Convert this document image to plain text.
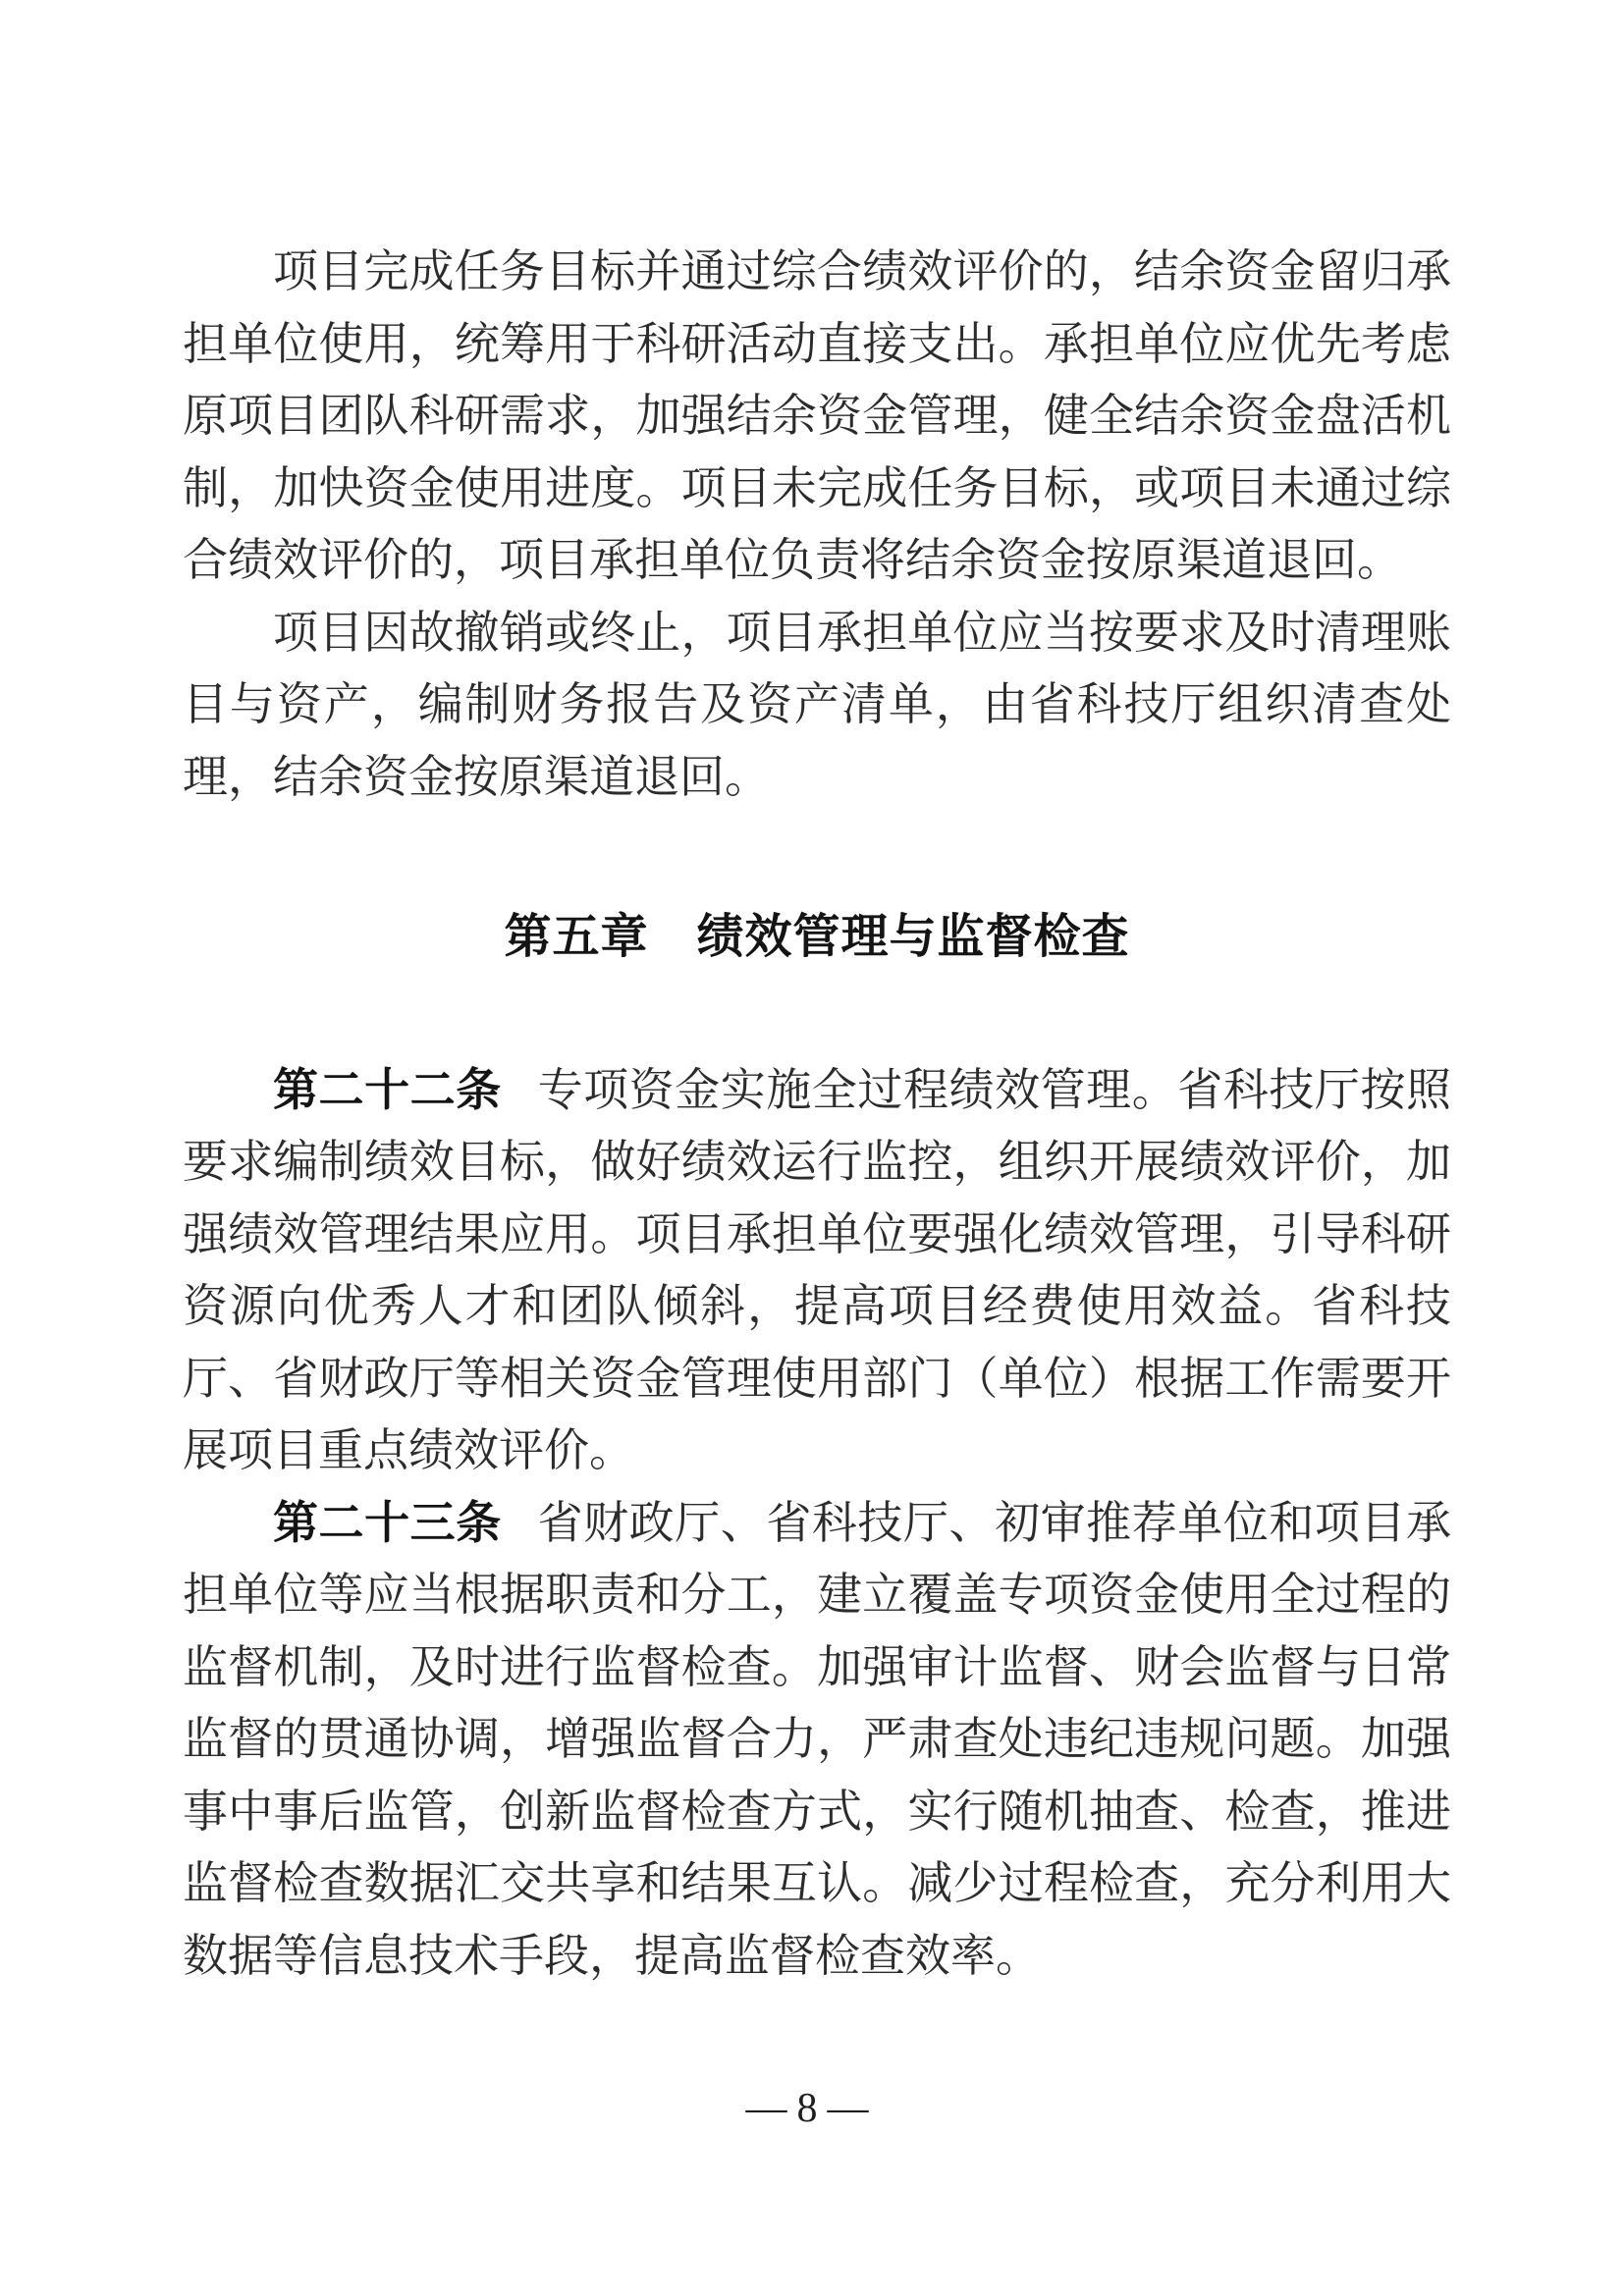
项目完成任务目标并通过综合绩效评价的，结余资金留归承担单位使用，统筹用于科研活动直接支出。承担单位应优先考虑原项目团队科研需求，加强结余资金管理，健全结余资金盘活机制，加快资金使用进度。项目未完成任务目标，或项目未通过综合绩效评价的，项目承担单位负责将结余资金按原渠道退回。

项目因故撤销或终止，项目承担单位应当按要求及时清理账目与资产，编制财务报告及资产清单，由省科技厅组织清查处理，结余资金按原渠道退回。

第五章　绩效管理与监督检查

第二十二条 专项资金实施全过程绩效管理。省科技厅按照要求编制绩效目标，做好绩效运行监控，组织开展绩效评价，加强绩效管理结果应用。项目承担单位要强化绩效管理，引导科研资源向优秀人才和团队倾斜，提高项目经费使用效益。省科技厅、省财政厅等相关资金管理使用部门（单位）根据工作需要开展项目重点绩效评价。

第二十三条 省财政厅、省科技厅、初审推荐单位和项目承担单位等应当根据职责和分工，建立覆盖专项资金使用全过程的监督机制，及时进行监督检查。加强审计监督、财会监督与日常监督的贯通协调，增强监督合力，严肃查处违纪违规问题。加强事中事后监管，创新监督检查方式，实行随机抽查、检查，推进监督检查数据汇交共享和结果互认。减少过程检查，充分利用大数据等信息技术手段，提高监督检查效率。

—8—
